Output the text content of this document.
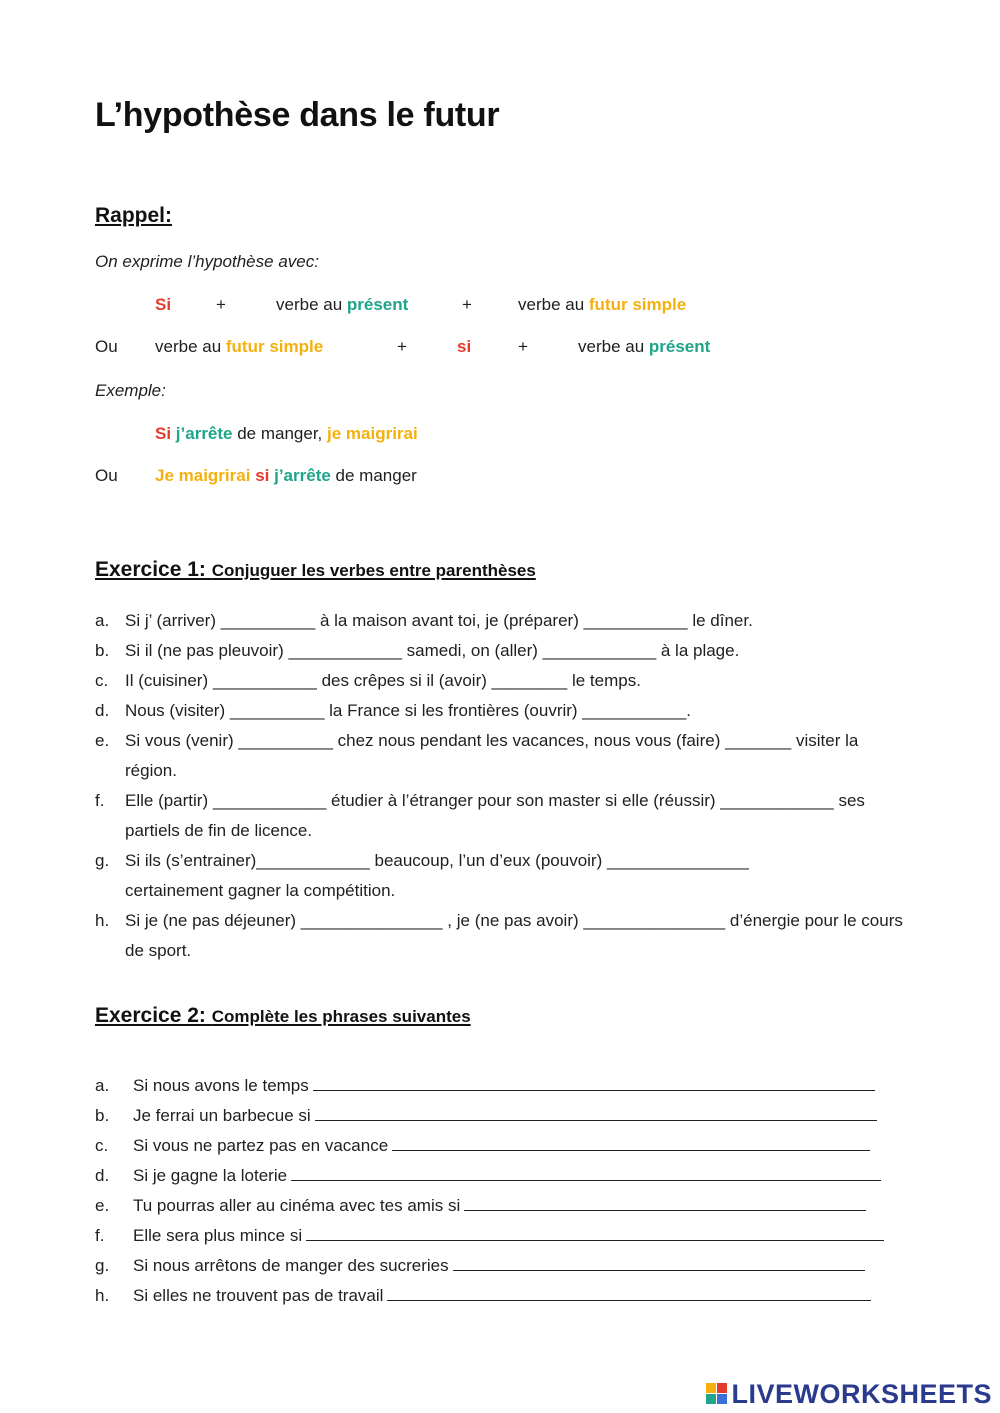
L’hypothèse dans le futur
Rappel:
On exprime l’hypothèse avec:
Si	+	verbe au présent	+	verbe au futur simple
Ou verbe au futur simple	+	si	+	verbe au présent
Exemple:
Si j’arrête de manger, je maigrirai
Ou Je maigrirai si j’arrête de manger
Exercice 1: Conjuguer les verbes entre parenthèses
a. Si j’ (arriver) __________ à la maison avant toi, je (préparer) ___________ le dîner.
b. Si il (ne pas pleuvoir) ____________ samedi, on (aller) ____________ à la plage.
c. Il (cuisiner) ___________ des crêpes si il (avoir) ________ le temps.
d. Nous (visiter) __________ la France si les frontières (ouvrir) ___________.
e. Si vous (venir) __________ chez nous pendant les vacances, nous vous (faire) _______ visiter la région.
f. Elle (partir) ____________ étudier à l’étranger pour son master si elle (réussir) ____________ ses partiels de fin de licence.
g. Si ils (s’entrainer)____________ beaucoup, l’un d’eux (pouvoir) _______________ certainement gagner la compétition.
h. Si je (ne pas déjeuner) _______________ , je (ne pas avoir) _______________ d’énergie pour le cours de sport.
Exercice 2: Complète les phrases suivantes
a. Si nous avons le temps
b. Je ferrai un barbecue si
c. Si vous ne partez pas en vacance
d. Si je gagne la loterie
e. Tu pourras aller au cinéma avec tes amis si
f. Elle sera plus mince si
g. Si nous arrêtons de manger des sucreries
h. Si elles ne trouvent pas de travail
LIVEWORKSHEETS
